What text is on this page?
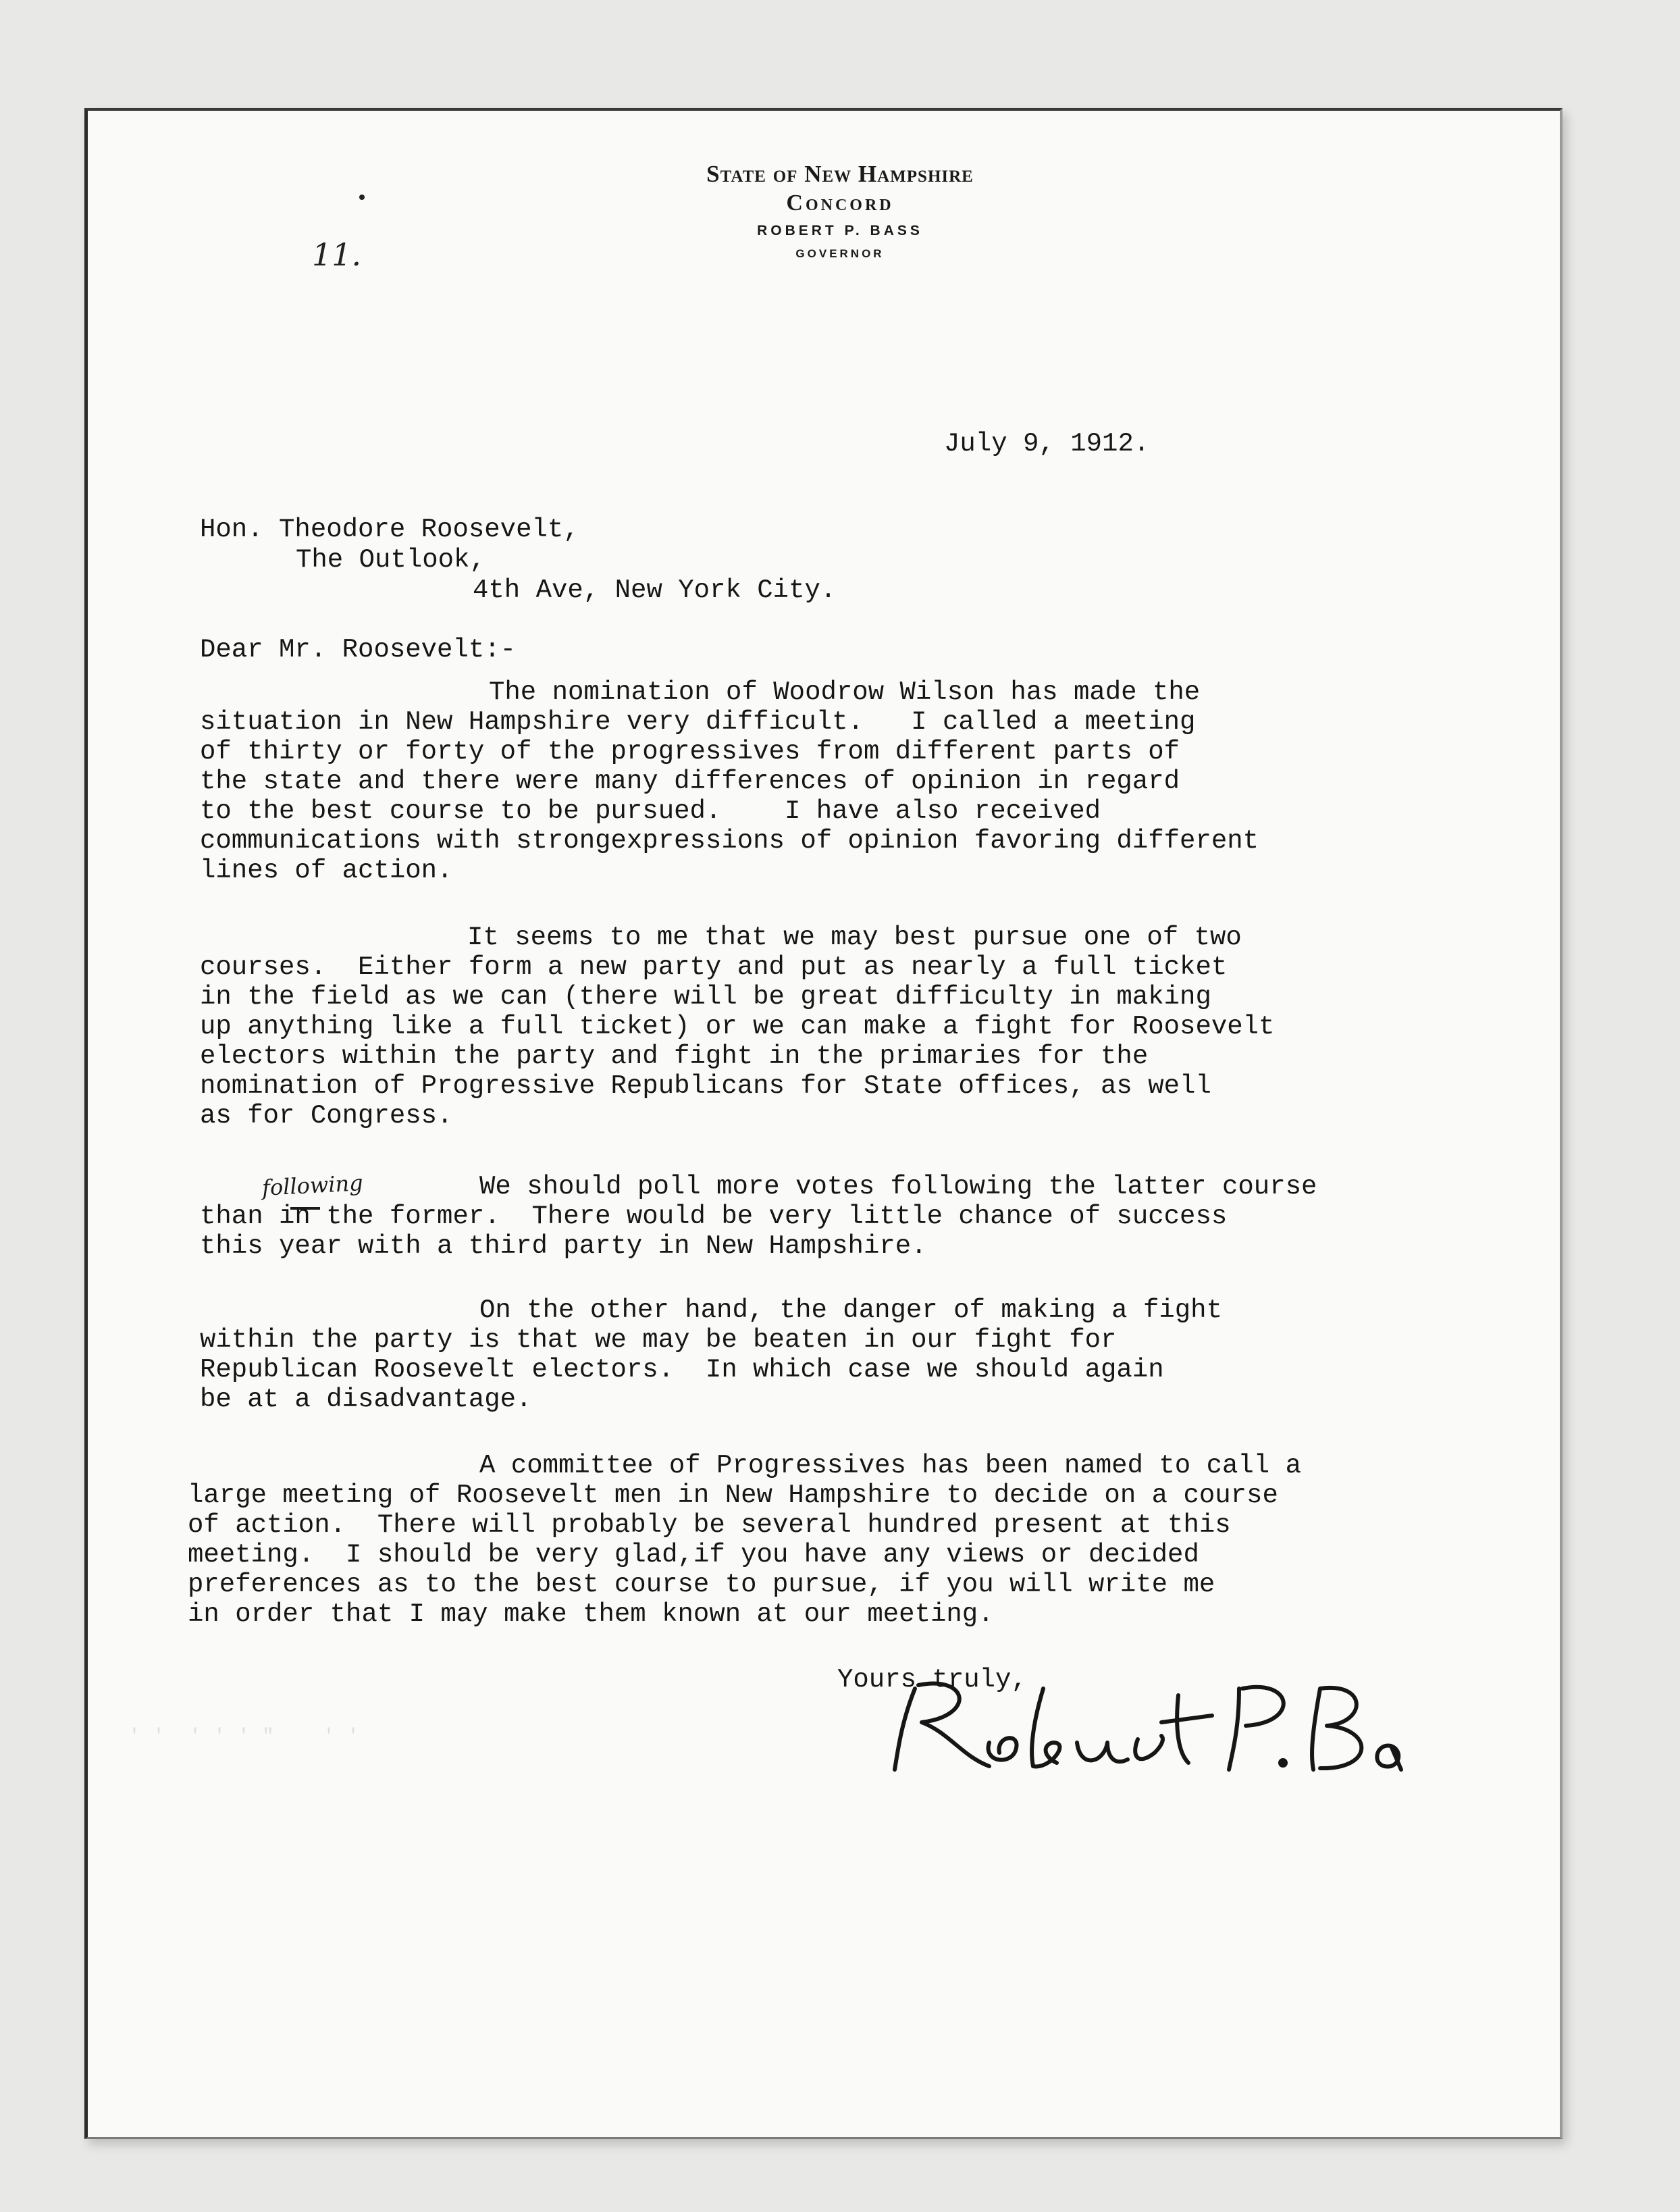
State of New Hampshire
Concord
ROBERT P. BASS
GOVERNOR
11.
July 9, 1912.
Hon. Theodore Roosevelt,
The Outlook,
4th Ave, New York City.
Dear Mr. Roosevelt:-
The nomination of Woodrow Wilson has made the
situation in New Hampshire very difficult.   I called a meeting
of thirty or forty of the progressives from different parts of
the state and there were many differences of opinion in regard
to the best course to be pursued.    I have also received
communications with strongexpressions of opinion favoring different
lines of action.
It seems to me that we may best pursue one of two
courses.  Either form a new party and put as nearly a full ticket
in the field as we can (there will be great difficulty in making
up anything like a full ticket) or we can make a fight for Roosevelt
electors within the party and fight in the primaries for the
nomination of Progressive Republicans for State offices, as well
as for Congress.
following	We should poll more votes following the latter course
than in the former.  There would be very little chance of success
this year with a third party in New Hampshire.
On the other hand, the danger of making a fight
within the party is that we may be beaten in our fight for
Republican Roosevelt electors.  In which case we should again
be at a disadvantage.
A committee of Progressives has been named to call a
large meeting of Roosevelt men in New Hampshire to decide on a course
of action.  There will probably be several hundred present at this
meeting.  I should be very glad,if you have any views or decided
preferences as to the best course to pursue, if you will write me
in order that I may make them known at our meeting.
Yours truly,
' '  ' ' ' "    ' '
